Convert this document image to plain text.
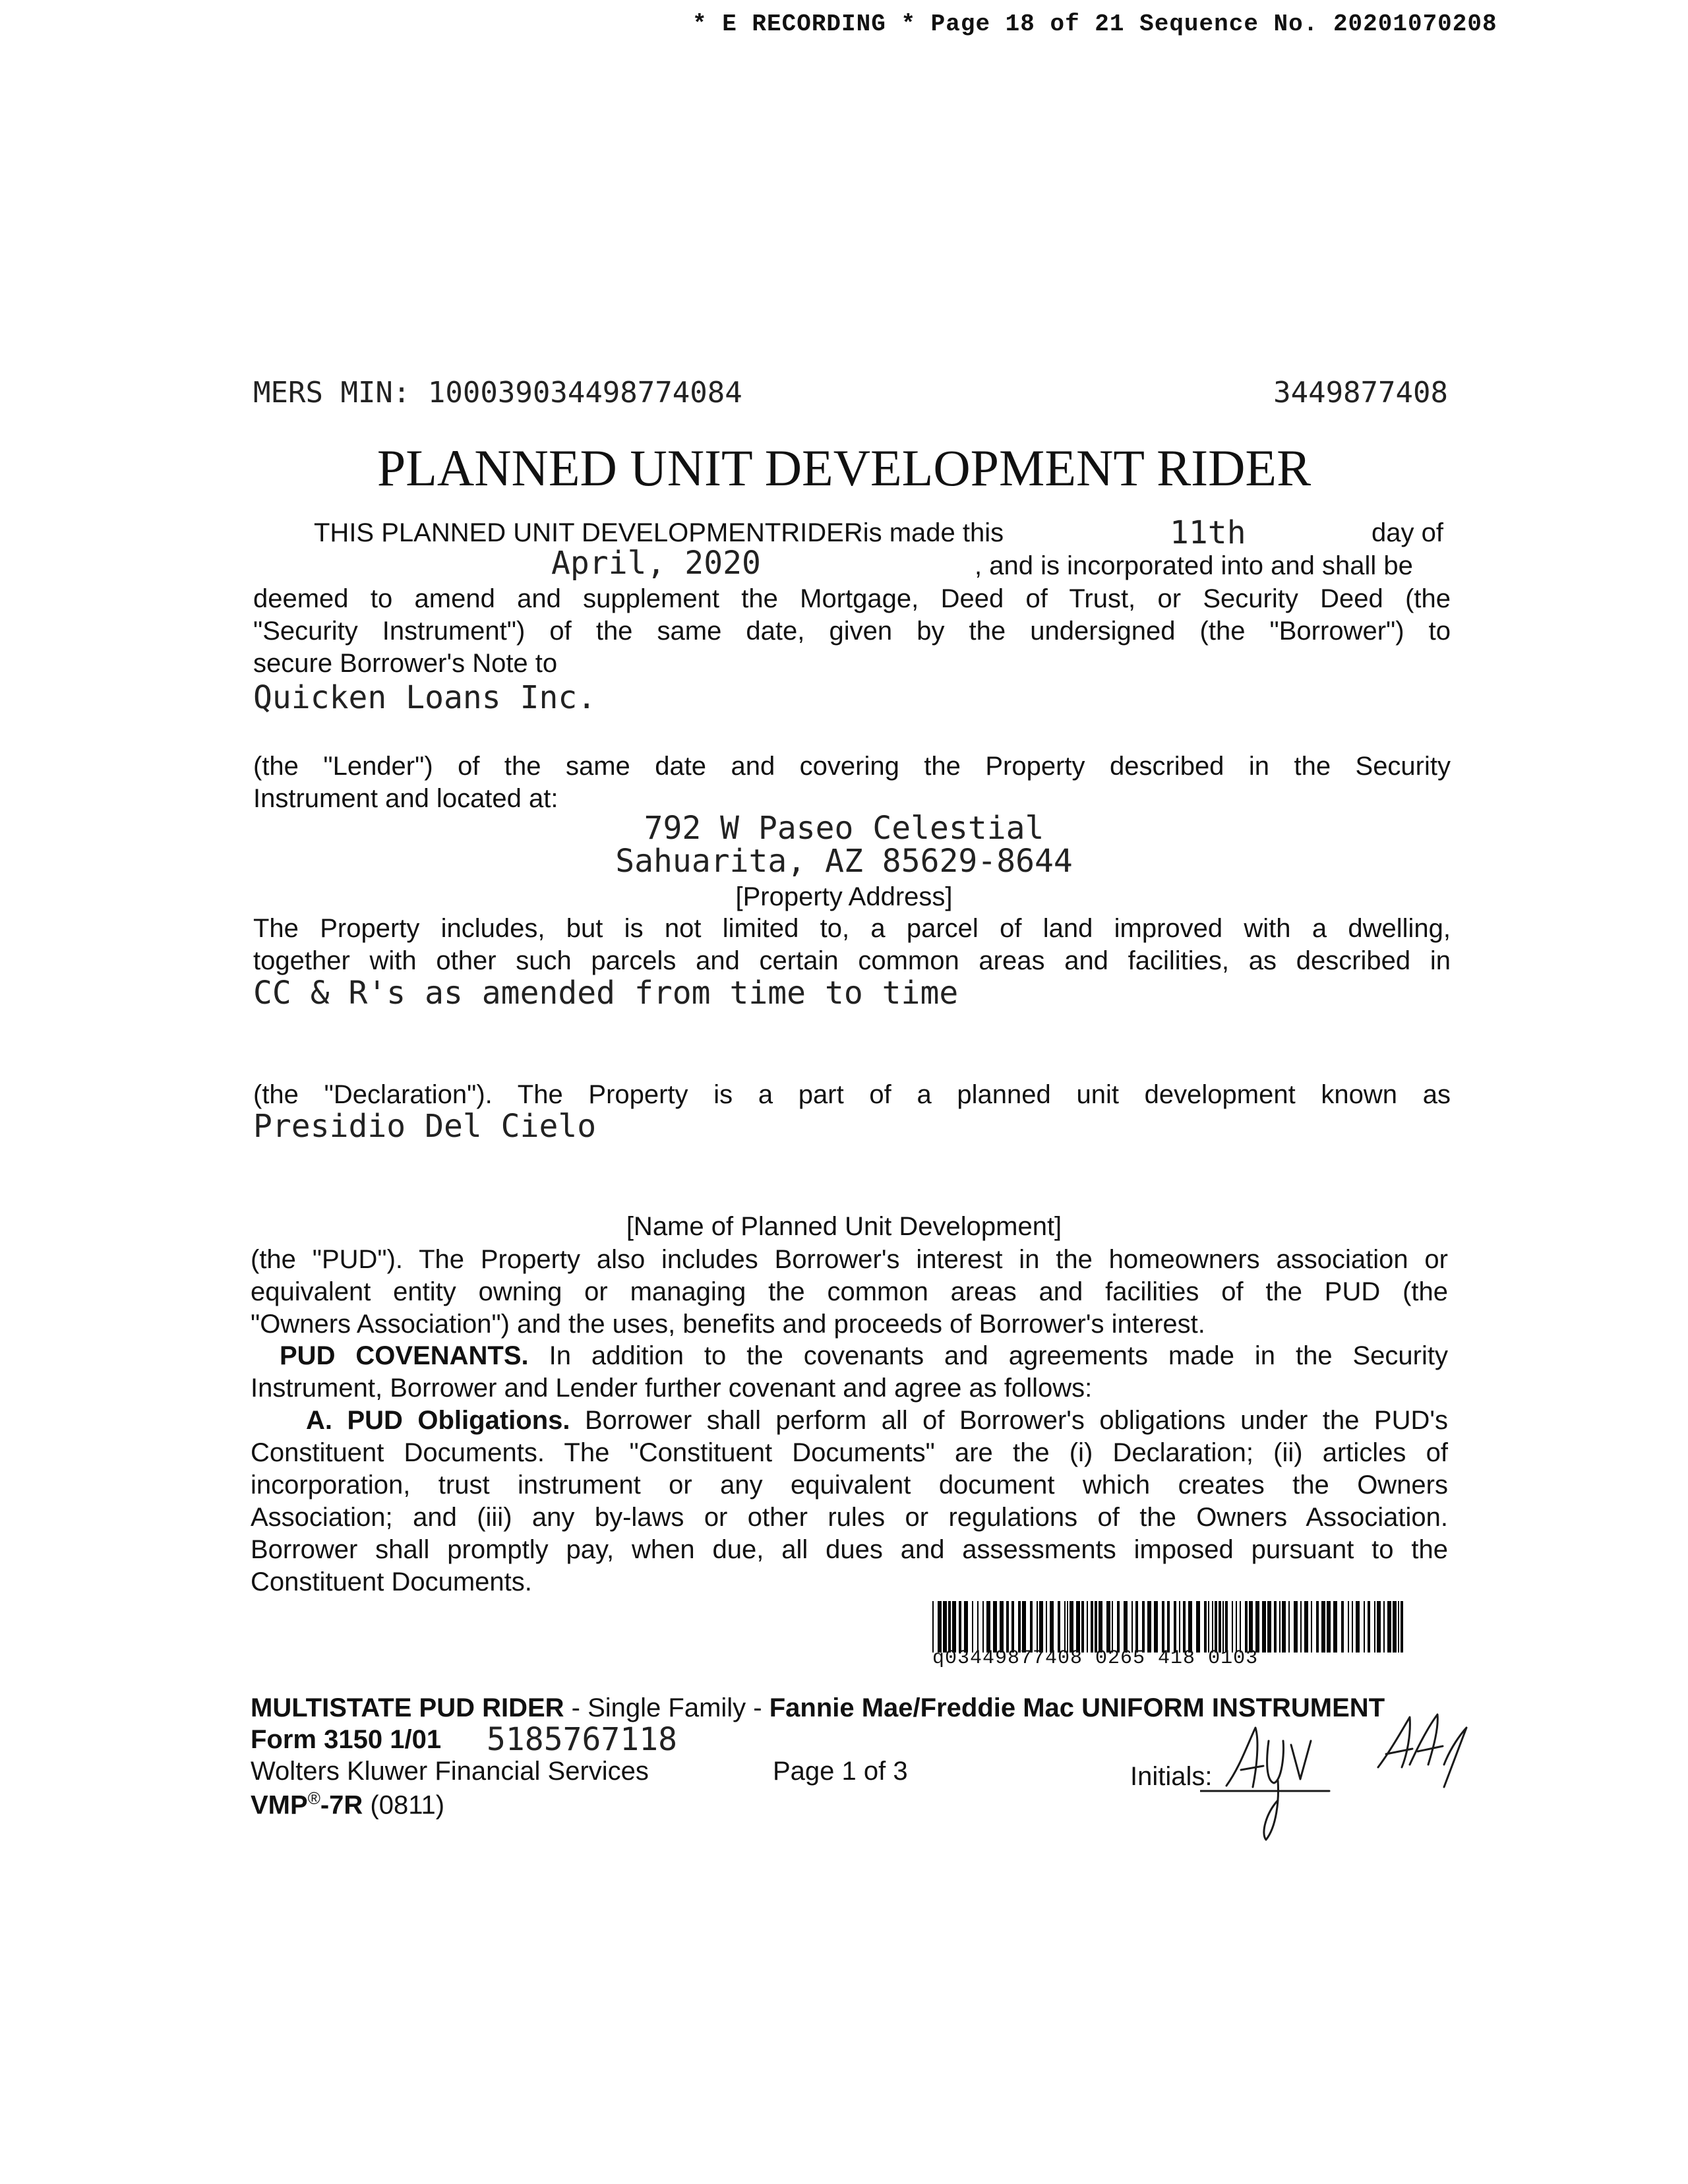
* E RECORDING * Page 18 of 21 Sequence No. 20201070208
MERS MIN: 100039034498774084	3449877408
PLANNED UNIT DEVELOPMENT RIDER
THIS PLANNED UNIT DEVELOPMENTRIDERis made this	11th	day of
April, 2020	, and is incorporated into and shall be
deemed to amend and supplement the Mortgage, Deed of Trust, or Security Deed (the
"Security Instrument") of the same date, given by the undersigned (the "Borrower") to
secure Borrower's Note to
Quicken Loans Inc.
(the "Lender") of the same date and covering the Property described in the Security
Instrument and located at:
792 W Paseo Celestial
Sahuarita, AZ 85629-8644
[Property Address]
The Property includes, but is not limited to, a parcel of land improved with a dwelling,
together with other such parcels and certain common areas and facilities, as described in
CC & R's as amended from time to time
(the "Declaration"). The Property is a part of a planned unit development known as
Presidio Del Cielo
[Name of Planned Unit Development]
(the "PUD"). The Property also includes Borrower's interest in the homeowners association or
equivalent entity owning or managing the common areas and facilities of the PUD (the
"Owners Association") and the uses, benefits and proceeds of Borrower's interest.
PUD COVENANTS. In addition to the covenants and agreements made in the Security
Instrument, Borrower and Lender further covenant and agree as follows:
A. PUD Obligations. Borrower shall perform all of Borrower's obligations under the PUD's
Constituent Documents. The "Constituent Documents" are the (i) Declaration; (ii) articles of
incorporation, trust instrument or any equivalent document which creates the Owners
Association; and (iii) any by-laws or other rules or regulations of the Owners Association.
Borrower shall promptly pay, when due, all dues and assessments imposed pursuant to the
Constituent Documents.
q03449877408 0265 418 0103
MULTISTATE PUD RIDER - Single Family - Fannie Mae/Freddie Mac UNIFORM INSTRUMENT
Form 3150 1/01 5185767118
Wolters Kluwer Financial Services	Page 1 of 3	Initials:
VMP®-7R (0811)
